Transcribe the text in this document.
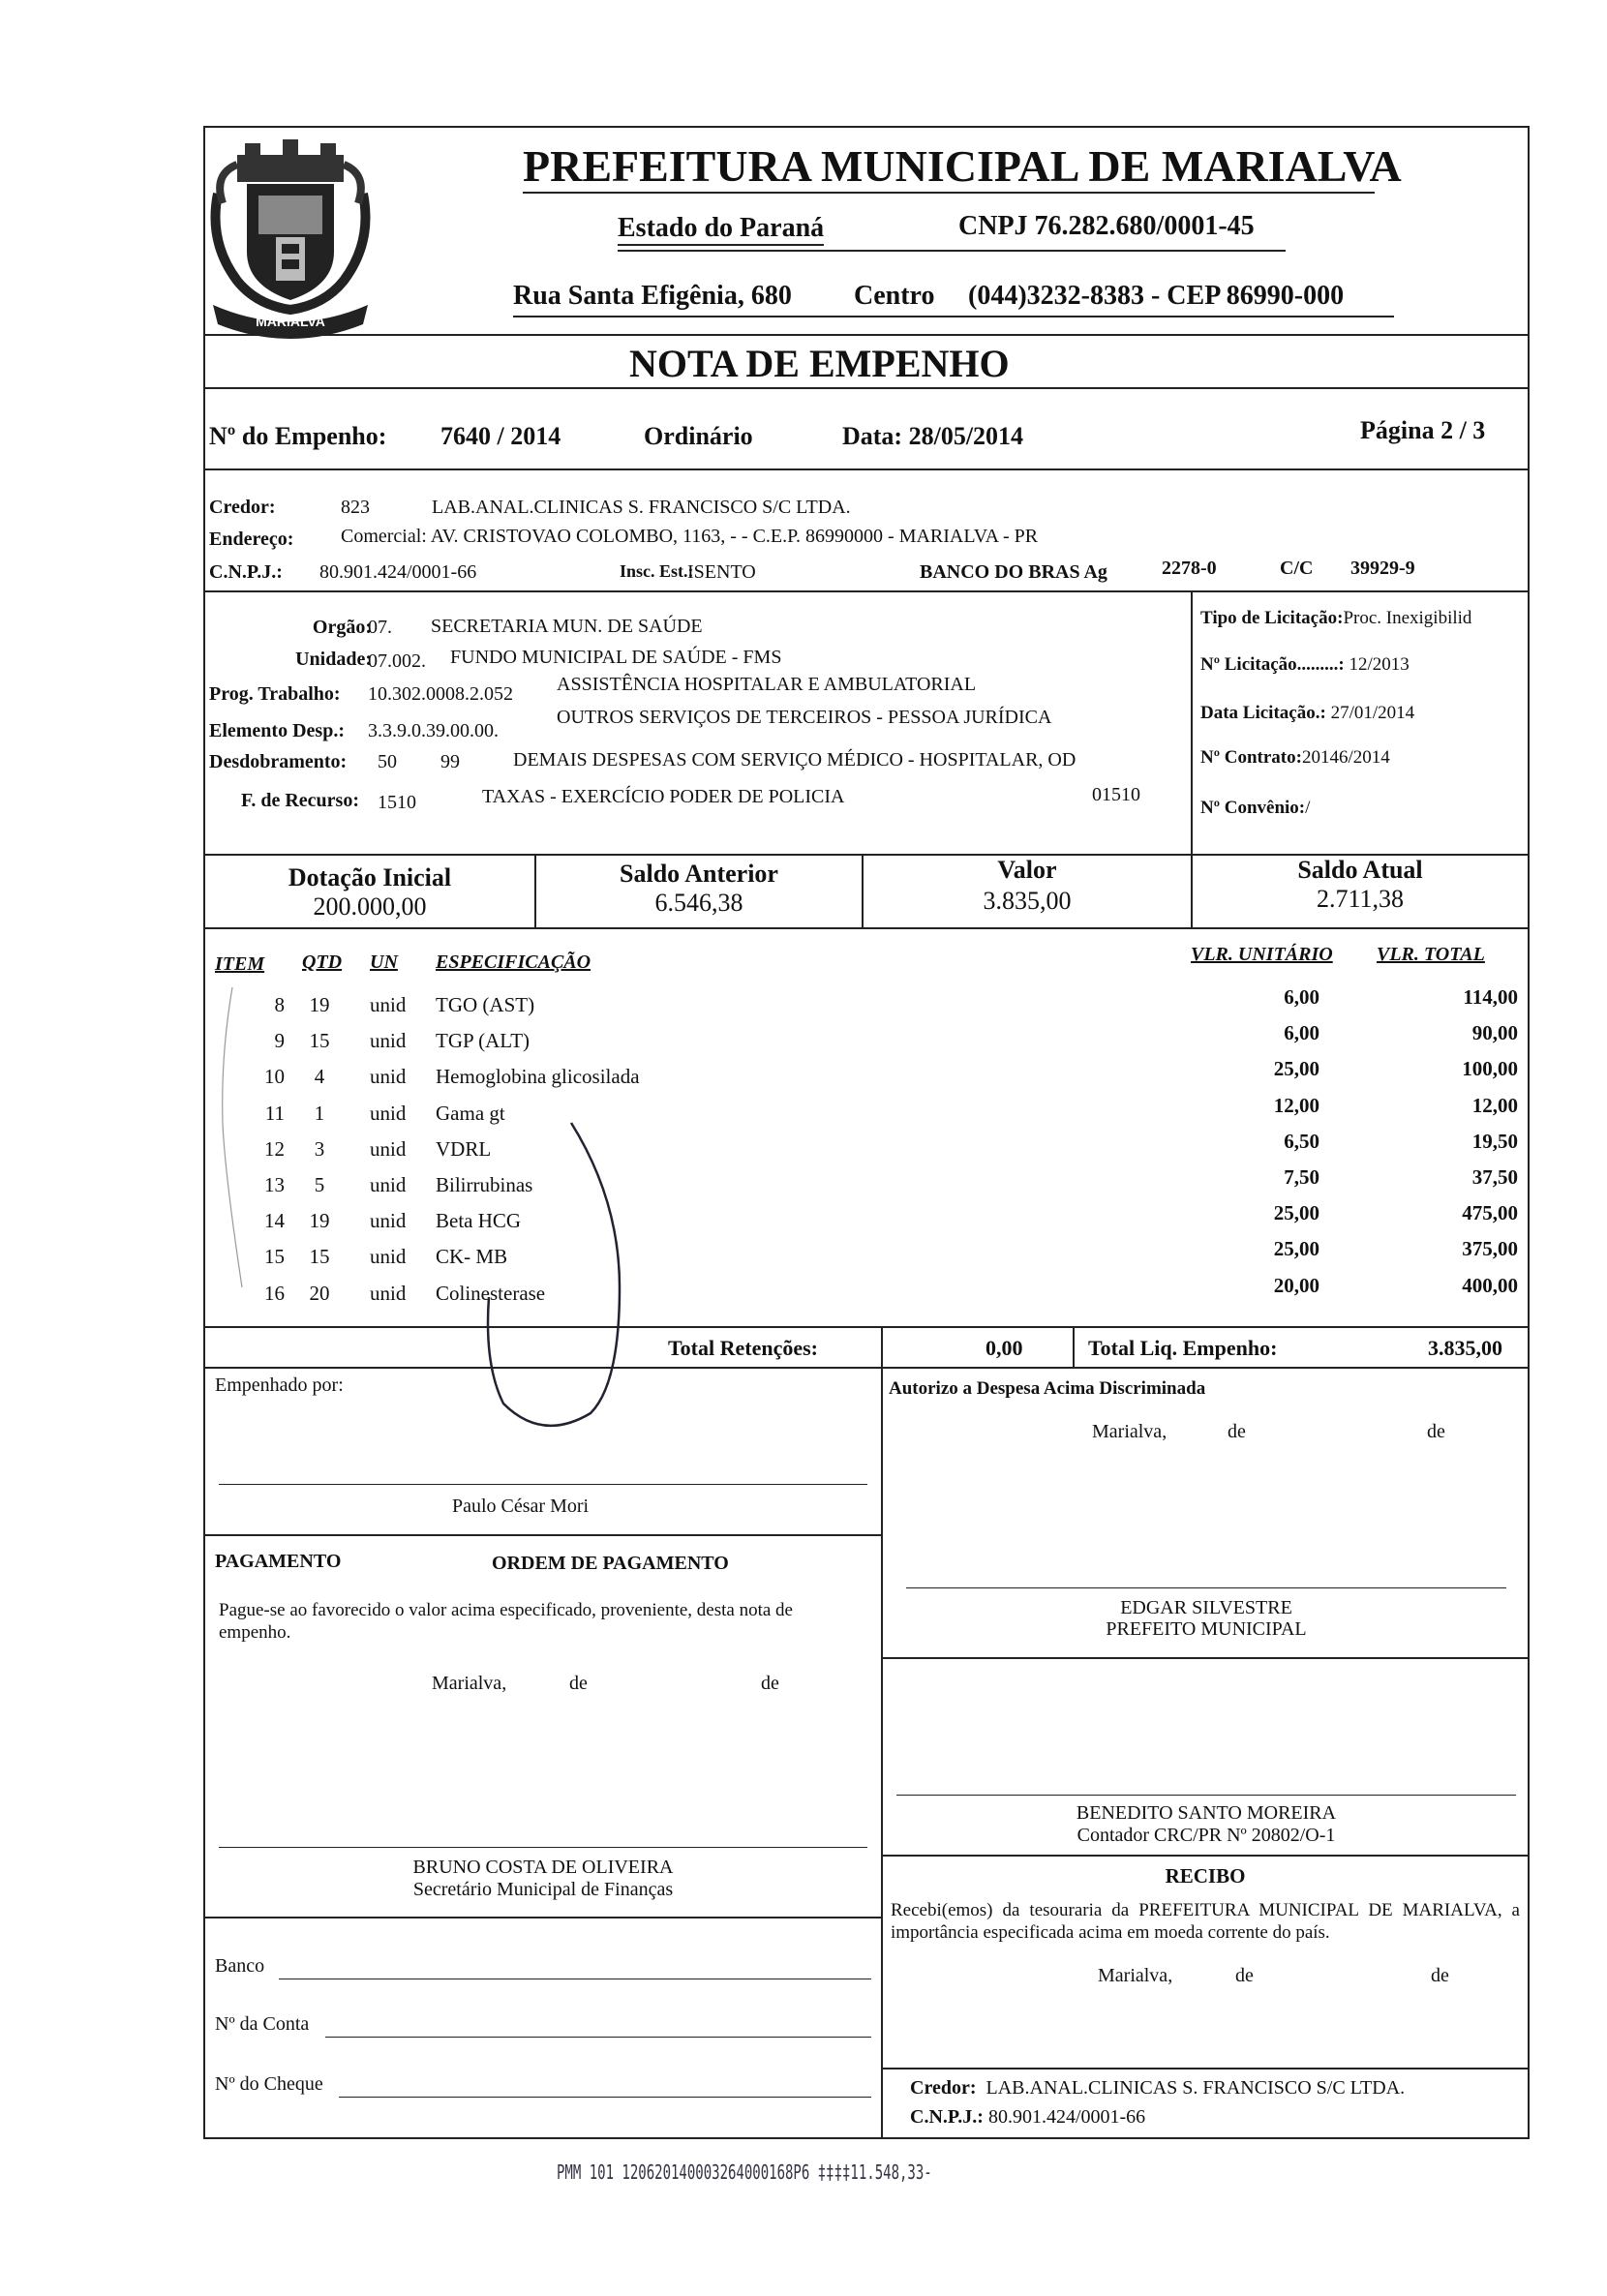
MARIALVA
PREFEITURA MUNICIPAL DE MARIALVA
Estado do Paraná	CNPJ 76.282.680/0001-45
Rua Santa Efigênia, 680 Centro (044)3232-8383 - CEP 86990-000
NOTA DE EMPENHO
Nº do Empenho: 7640 / 2014	Ordinário	Data: 28/05/2014	Página 2 / 3
Credor:	823	LAB.ANAL.CLINICAS S. FRANCISCO S/C LTDA.
Endereço: Comercial: AV. CRISTOVAO COLOMBO, 1163, - - C.E.P. 86990000 - MARIALVA - PR
C.N.P.J.: 80.901.424/0001-66	Insc. Est.:
ISENTO	BANCO DO BRAS Ag	2278-0	C/C 39929-9
Orgão:
07. SECRETARIA MUN. DE SAÚDE
Unidade:
07.002. FUNDO MUNICIPAL DE SAÚDE - FMS
Prog. Trabalho: 10.302.0008.2.052 ASSISTÊNCIA HOSPITALAR E AMBULATORIAL
Elemento Desp.: 3.3.9.0.39.00.00.
OUTROS SERVIÇOS DE TERCEIROS - PESSOA JURÍDICA
Desdobramento: 50 99	DEMAIS DESPESAS COM SERVIÇO MÉDICO - HOSPITALAR, OD
F. de Recurso: 1510	TAXAS - EXERCÍCIO PODER DE POLICIA	01510
Tipo de Licitação:Proc. Inexigibilid
Nº Licitação.........: 12/2013
Data Licitação.: 27/01/2014
Nº Contrato:20146/2014
Nº Convênio:/
Dotação Inicial
200.000,00
Saldo Anterior
6.546,38
Valor
3.835,00
Saldo Atual
2.711,38
ITEM QTD UN ESPECIFICAÇÃO	VLR. UNITÁRIO VLR. TOTAL
8	19	unid	TGO (AST)	6,00	114,00
9	15	unid	TGP (ALT)	6,00	90,00
10	4	unid	Hemoglobina glicosilada	25,00	100,00
11	1	unid	Gama gt	12,00	12,00
12	3	unid	VDRL	6,50	19,50
13	5	unid	Bilirrubinas	7,50	37,50
14	19	unid	Beta HCG	25,00	475,00
15	15	unid	CK- MB	25,00	375,00
16	20	unid	Colinesterase	20,00	400,00
Total Retenções:	0,00	Total Liq. Empenho:	3.835,00
Empenhado por:	Autorizo a Despesa Acima Discriminada
Marialva,	de	de
Paulo César Mori
PAGAMENTO	ORDEM DE PAGAMENTO
Pague-se ao favorecido o valor acima especificado, proveniente, desta nota de empenho.
Marialva,	de	de
EDGAR SILVESTRE
PREFEITO MUNICIPAL
BENEDITO SANTO MOREIRA
Contador CRC/PR Nº 20802/O-1
RECIBO
Recebi(emos) da tesouraria da PREFEITURA MUNICIPAL DE MARIALVA, a importância especificada acima em moeda corrente do país.
Marialva,	de	de
BRUNO COSTA DE OLIVEIRA
Secretário Municipal de Finanças
Banco
Nº da Conta
Nº do Cheque	Credor: LAB.ANAL.CLINICAS S. FRANCISCO S/C LTDA.
C.N.P.J.: 80.901.424/0001-66
PMM 101 120620140003264000168P6 ‡‡‡‡11.548,33-
